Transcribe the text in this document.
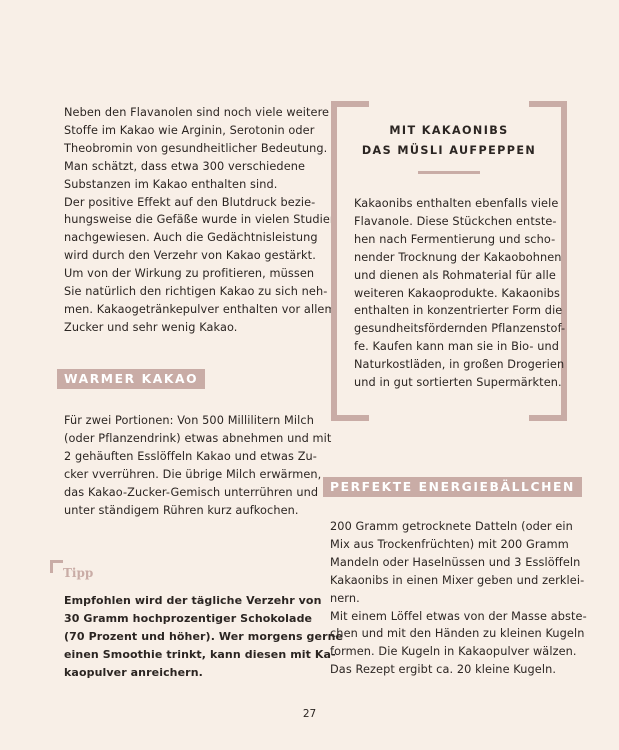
Neben den Flavanolen sind noch viele weitere
Stoffe im Kakao wie Arginin, Serotonin oder
Theobromin von gesundheitlicher Bedeutung.
Man schätzt, dass etwa 300 verschiedene
Substanzen im Kakao enthalten sind.
Der positive Effekt auf den Blutdruck bezie-
hungsweise die Gefäße wurde in vielen Studien
nachgewiesen. Auch die Gedächtnisleistung
wird durch den Verzehr von Kakao gestärkt.
Um von der Wirkung zu profitieren, müssen
Sie natürlich den richtigen Kakao zu sich neh-
men. Kakaogetränkepulver enthalten vor allem
Zucker und sehr wenig Kakao.
WARMER KAKAO
Für zwei Portionen: Von 500 Millilitern Milch
(oder Pflanzendrink) etwas abnehmen und mit
2 gehäuften Esslöffeln Kakao und etwas Zu-
cker vverrühren. Die übrige Milch erwärmen,
das Kakao-Zucker-Gemisch unterrühren und
unter ständigem Rühren kurz aufkochen.
Tipp
Empfohlen wird der tägliche Verzehr von
30 Gramm hochprozentiger Schokolade
(70 Prozent und höher). Wer morgens gerne
einen Smoothie trinkt, kann diesen mit Ka-
kaopulver anreichern.
MIT KAKAONIBS
DAS MÜSLI AUFPEPPEN
Kakaonibs enthalten ebenfalls viele
Flavanole. Diese Stückchen entste-
hen nach Fermentierung und scho-
nender Trocknung der Kakaobohnen
und dienen als Rohmaterial für alle
weiteren Kakaoprodukte. Kakaonibs
enthalten in konzentrierter Form die
gesundheitsfördernden Pflanzenstof-
fe. Kaufen kann man sie in Bio- und
Naturkostläden, in großen Drogerien
und in gut sortierten Supermärkten.
PERFEKTE ENERGIEBÄLLCHEN
200 Gramm getrocknete Datteln (oder ein
Mix aus Trockenfrüchten) mit 200 Gramm
Mandeln oder Haselnüssen und 3 Esslöffeln
Kakaonibs in einen Mixer geben und zerklei-
nern.
Mit einem Löffel etwas von der Masse abste-
chen und mit den Händen zu kleinen Kugeln
formen. Die Kugeln in Kakaopulver wälzen.
Das Rezept ergibt ca. 20 kleine Kugeln.
27
